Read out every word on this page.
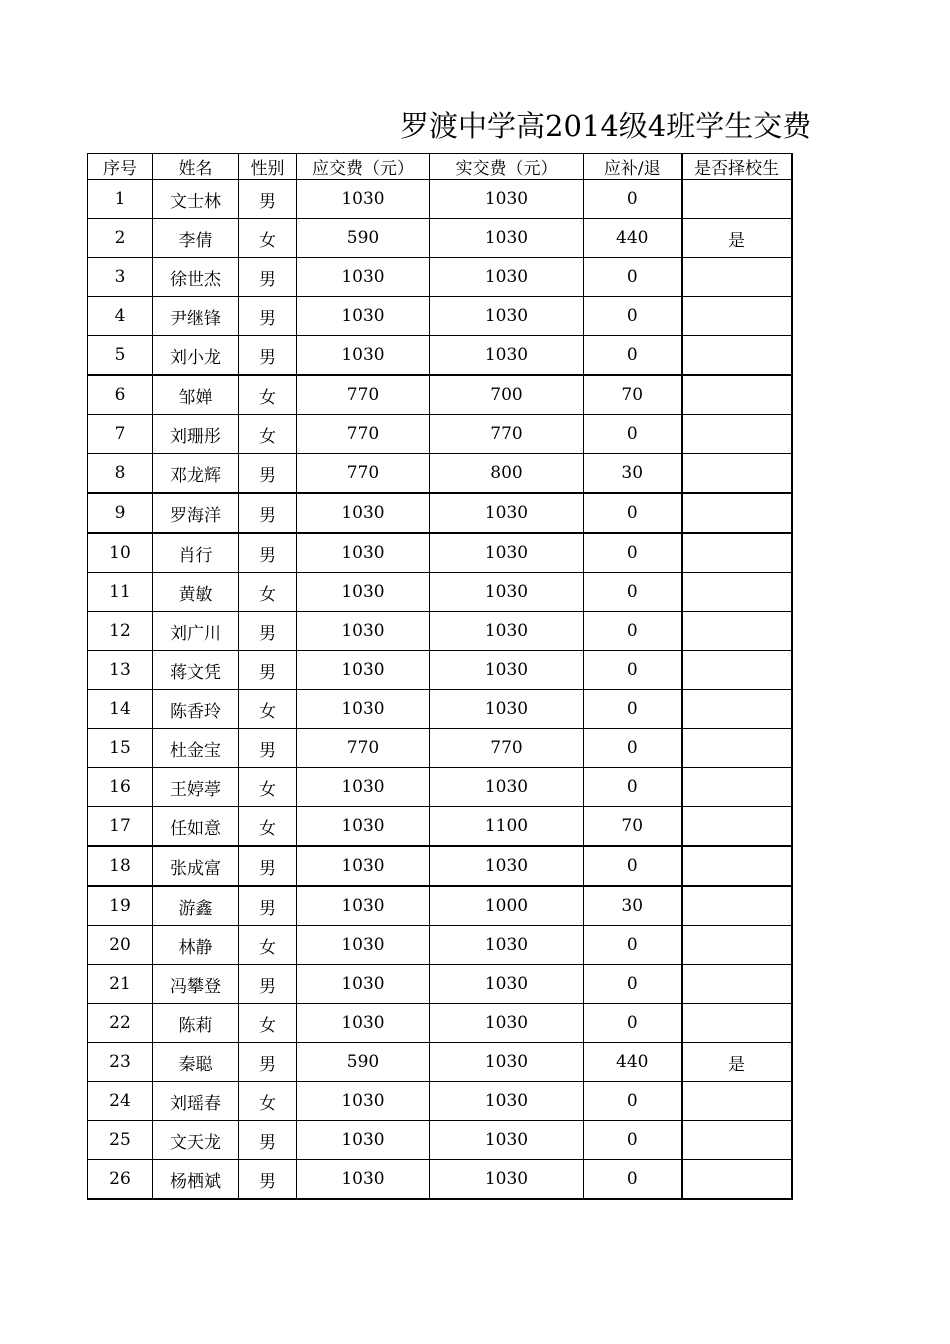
罗渡中学高2014级4班学生交费
序号	姓名	性别	应交费（元）	实交费（元）	应补/退	是否择校生
1	文士林	男	1030	1030	0	
2	李倩	女	590	1030	440	是
3	徐世杰	男	1030	1030	0	
4	尹继锋	男	1030	1030	0	
5	刘小龙	男	1030	1030	0	
6	邹婵	女	770	700	70	
7	刘珊彤	女	770	770	0	
8	邓龙辉	男	770	800	30	
9	罗海洋	男	1030	1030	0	
10	肖行	男	1030	1030	0	
11	黄敏	女	1030	1030	0	
12	刘广川	男	1030	1030	0	
13	蒋文凭	男	1030	1030	0	
14	陈香玲	女	1030	1030	0	
15	杜金宝	男	770	770	0	
16	王婷葶	女	1030	1030	0	
17	任如意	女	1030	1100	70	
18	张成富	男	1030	1030	0	
19	游鑫	男	1030	1000	30	
20	林静	女	1030	1030	0	
21	冯攀登	男	1030	1030	0	
22	陈莉	女	1030	1030	0	
23	秦聪	男	590	1030	440	是
24	刘瑶春	女	1030	1030	0	
25	文天龙	男	1030	1030	0	
26	杨栖斌	男	1030	1030	0	
